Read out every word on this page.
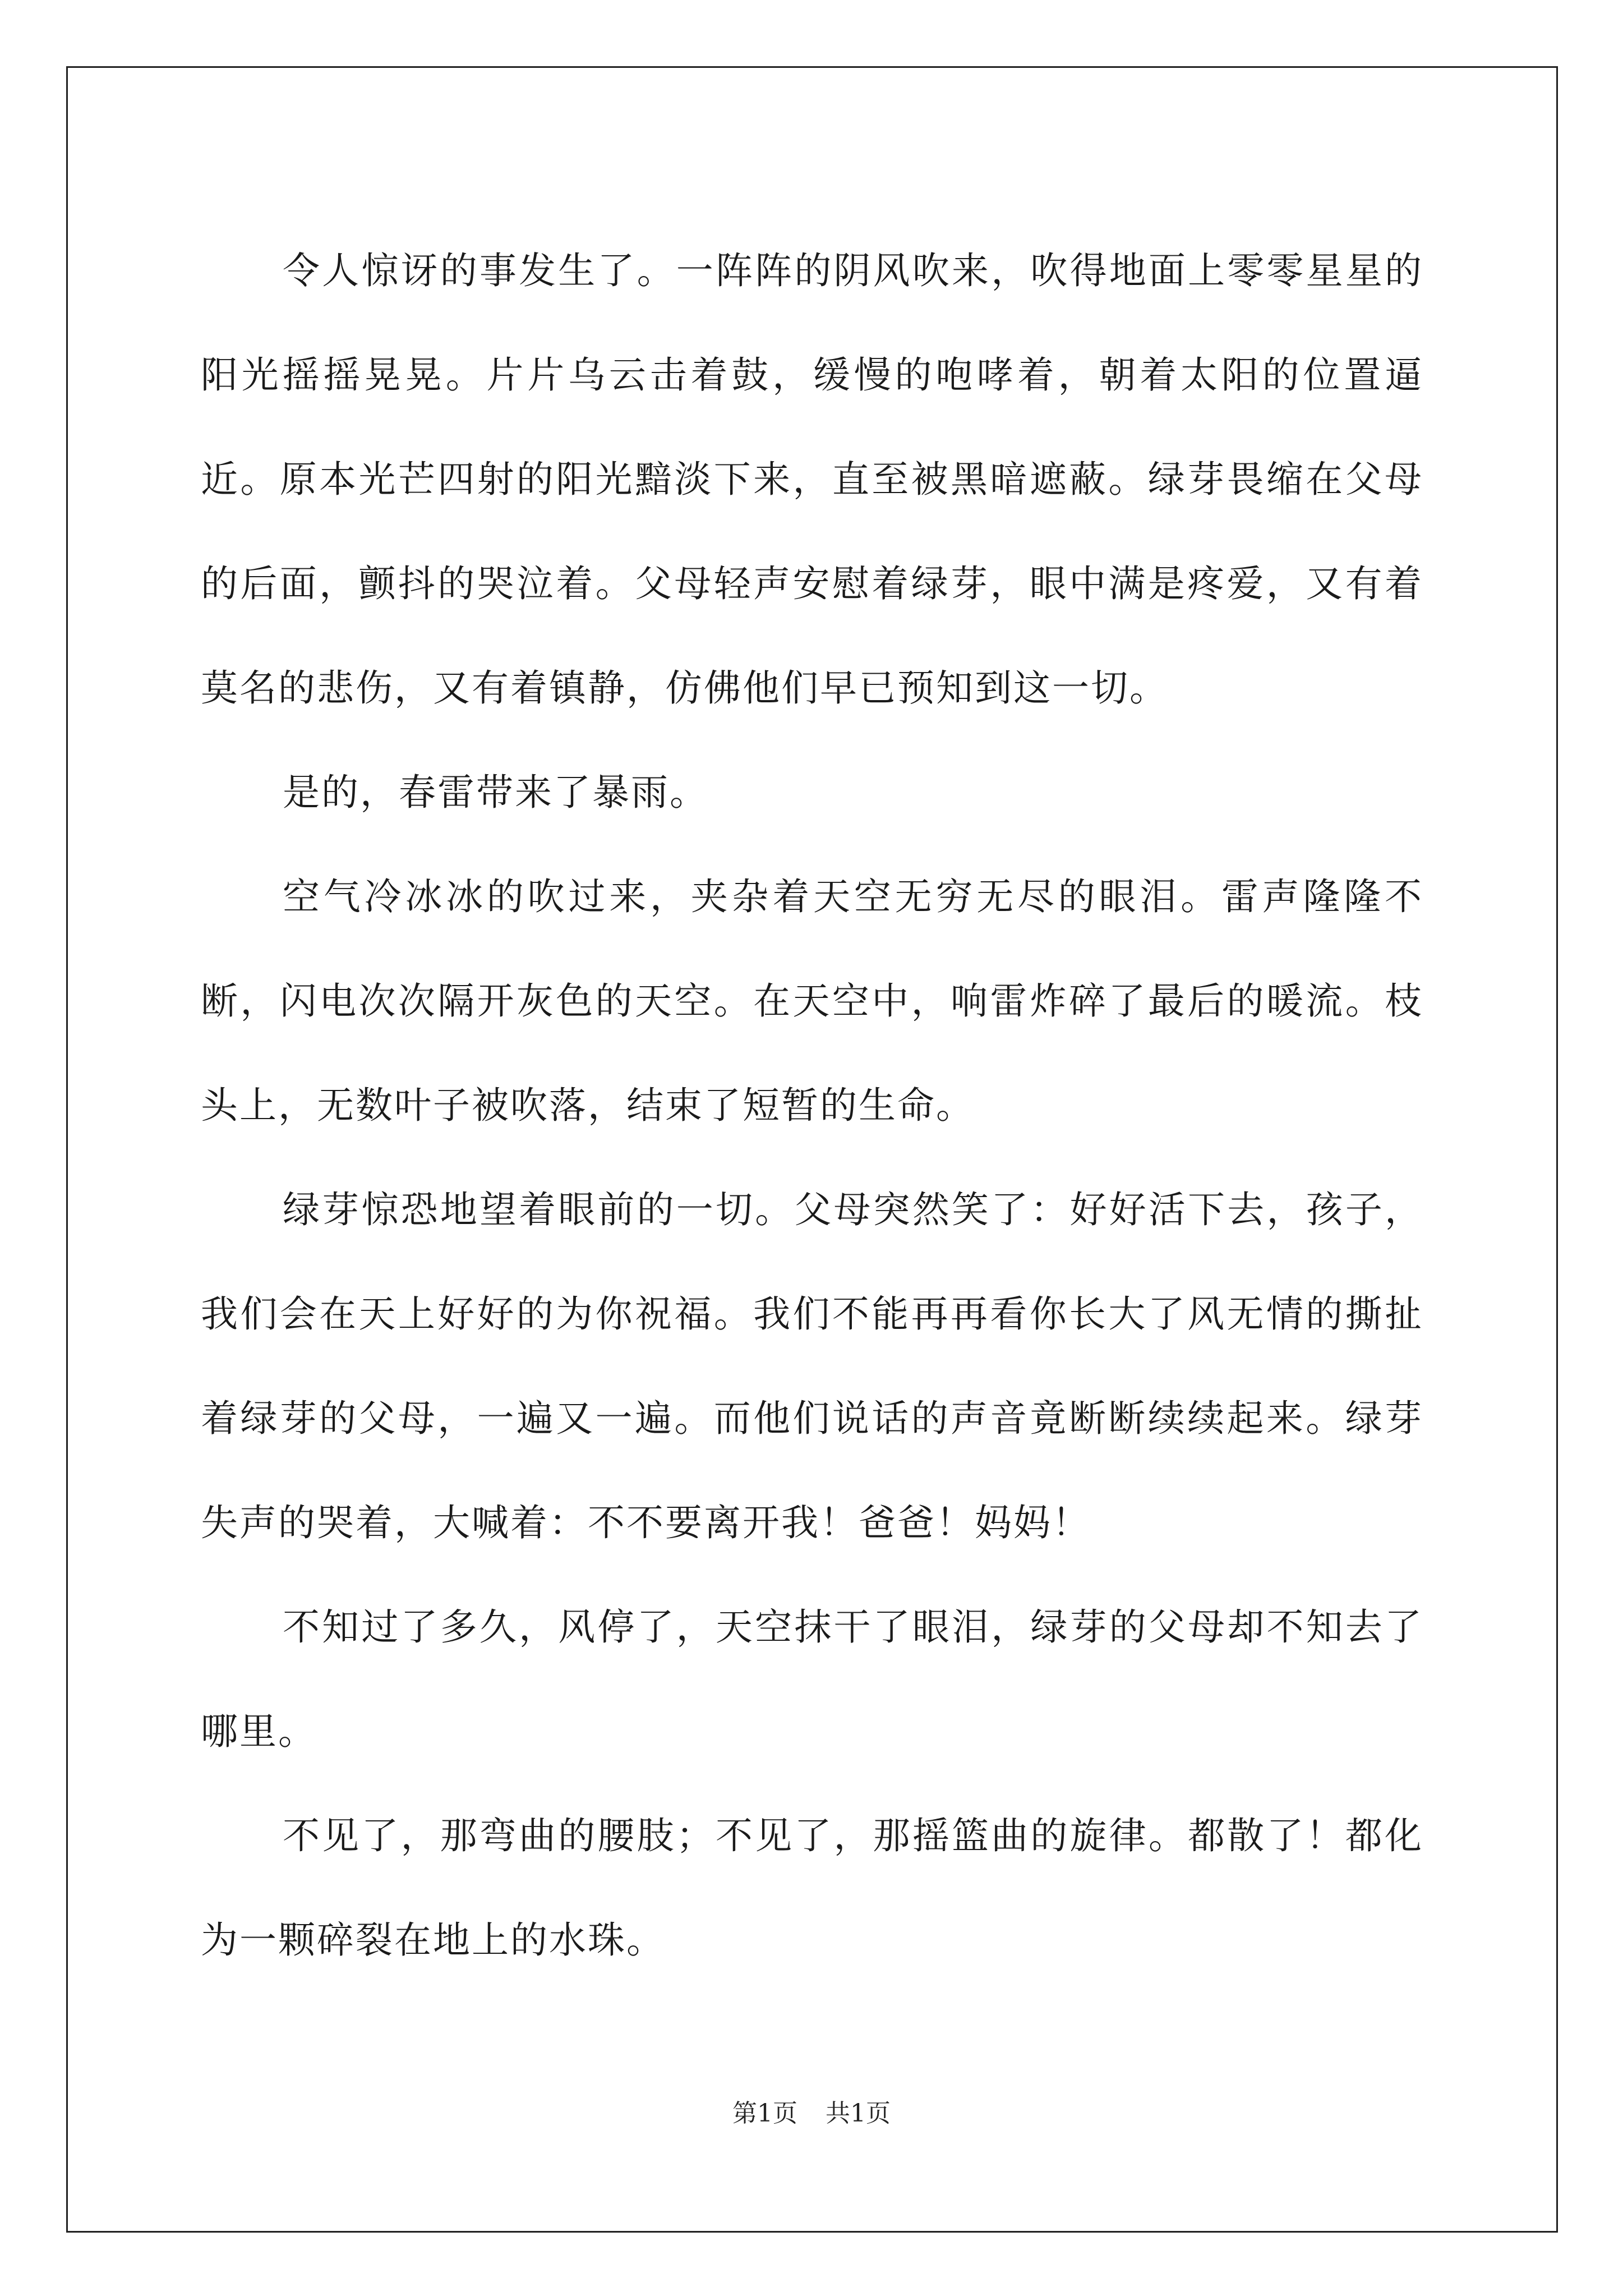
令人惊讶的事发生了。一阵阵的阴风吹来，吹得地面上零零星星的阳光摇摇晃晃。片片乌云击着鼓，缓慢的咆哮着，朝着太阳的位置逼近。原本光芒四射的阳光黯淡下来，直至被黑暗遮蔽。绿芽畏缩在父母的后面，颤抖的哭泣着。父母轻声安慰着绿芽，眼中满是疼爱，又有着莫名的悲伤，又有着镇静，仿佛他们早已预知到这一切。

是的，春雷带来了暴雨。

空气冷冰冰的吹过来，夹杂着天空无穷无尽的眼泪。雷声隆隆不断，闪电次次隔开灰色的天空。在天空中，响雷炸碎了最后的暖流。枝头上，无数叶子被吹落，结束了短暂的生命。

绿芽惊恐地望着眼前的一切。父母突然笑了：好好活下去，孩子，我们会在天上好好的为你祝福。我们不能再再看你长大了风无情的撕扯着绿芽的父母，一遍又一遍。而他们说话的声音竟断断续续起来。绿芽失声的哭着，大喊着：不不要离开我！爸爸！妈妈！

不知过了多久，风停了，天空抹干了眼泪，绿芽的父母却不知去了哪里。

不见了，那弯曲的腰肢；不见了，那摇篮曲的旋律。都散了！都化为一颗碎裂在地上的水珠。

第1页 共1页
